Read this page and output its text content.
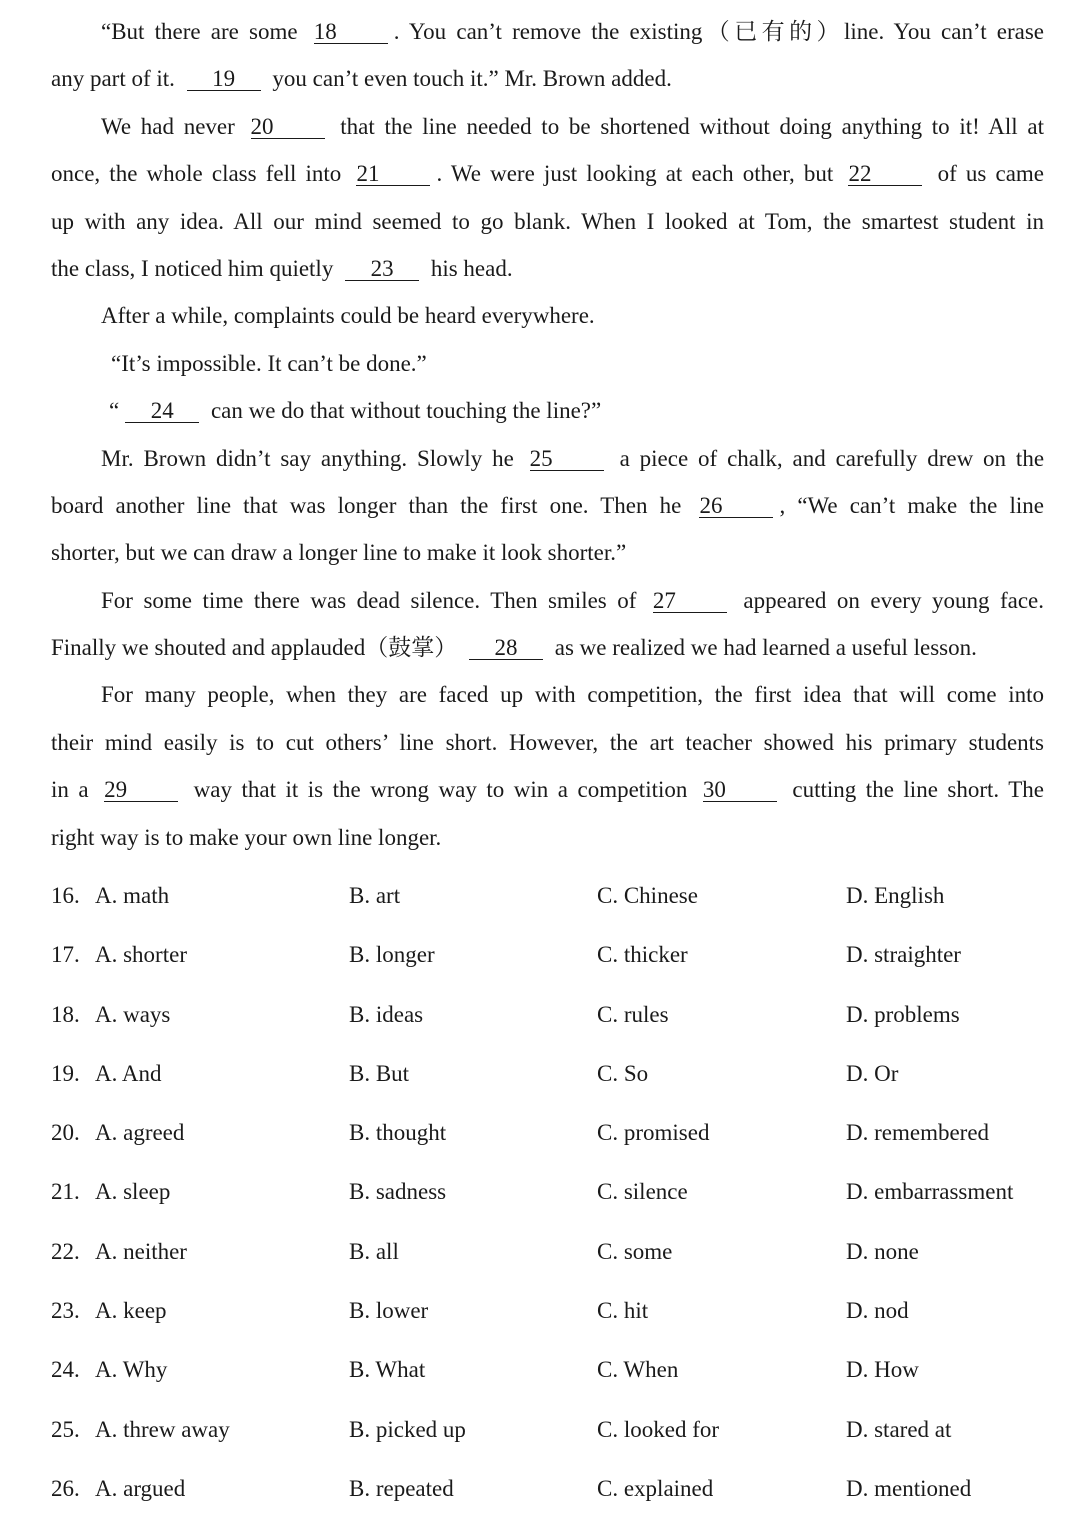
“But there are some 18 . You can’t remove the existing（已有的）line. You can’t erase
any part of it. 19 you can’t even touch it.” Mr. Brown added.
We had never 20	that the line needed to be shortened without doing anything to it! All at
once, the whole class fell into 21 . We were just looking at each other, but 22	of us came
up with any idea. All our mind seemed to go blank. When I looked at Tom, the smartest student in
the class, I noticed him quietly 23 his head.
After a while, complaints could be heard everywhere.
“It’s impossible. It can’t be done.”
“ 24 can we do that without touching the line?”
Mr. Brown didn’t say anything. Slowly he 25	a piece of chalk, and carefully drew on the
board another line that was longer than the first one. Then he 26 , “We can’t make the line
shorter, but we can draw a longer line to make it look shorter.”
For some time there was dead silence. Then smiles of 27	appeared on every young face.
Finally we shouted and applauded（鼓掌） 28 as we realized we had learned a useful lesson.
For many people, when they are faced up with competition, the first idea that will come into
their mind easily is to cut others’ line short. However, the art teacher showed his primary students
in a 29	way that it is the wrong way to win a competition 30	cutting the line short. The
right way is to make your own line longer.
16. A. math	B. art	C. Chinese	D. English
17. A. shorter	B. longer	C. thicker	D. straighter
18. A. ways	B. ideas	C. rules	D. problems
19. A. And	B. But	C. So	D. Or
20. A. agreed	B. thought	C. promised	D. remembered
21. A. sleep	B. sadness	C. silence	D. embarrassment
22. A. neither	B. all	C. some	D. none
23. A. keep	B. lower	C. hit	D. nod
24. A. Why	B. What	C. When	D. How
25. A. threw away	B. picked up	C. looked for	D. stared at
26. A. argued	B. repeated	C. explained	D. mentioned
